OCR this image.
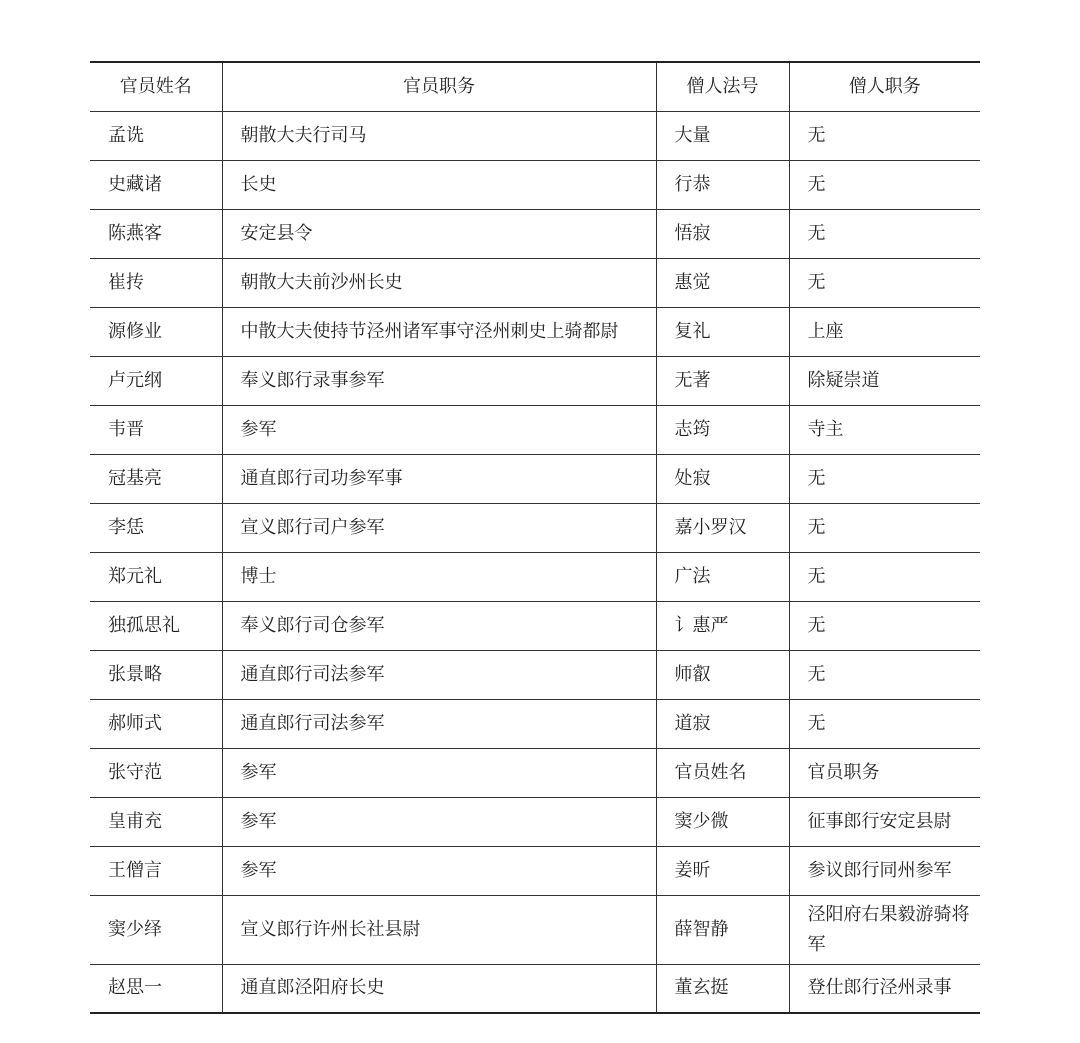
官员姓名	官员职务	僧人法号	僧人职务
孟诜	朝散大夫行司马	大量	无
史藏诸	长史	行恭	无
陈燕客	安定县令	悟寂	无
崔抟	朝散大夫前沙州长史	惠觉	无
源修业	中散大夫使持节泾州诸军事守泾州刺史上骑都尉	复礼	上座
卢元纲	奉义郎行录事参军	无著	除疑崇道
韦晋	参军	志筠	寺主
冠基亮	通直郎行司功参军事	处寂	无
李恁	宣义郎行司户参军	嘉小罗汉	无
郑元礼	博士	广法	无
独孤思礼	奉义郎行司仓参军	讠惠严	无
张景略	通直郎行司法参军	师叡	无
郝师式	通直郎行司法参军	道寂	无
张守范	参军	官员姓名	官员职务
皇甫充	参军	窦少微	征事郎行安定县尉
王僧言	参军	姜昕	参议郎行同州参军
窦少绎	宣义郎行许州长社县尉	薛智静	泾阳府右果毅游骑将军
赵思一	通直郎泾阳府长史	董玄挺	登仕郎行泾州录事
